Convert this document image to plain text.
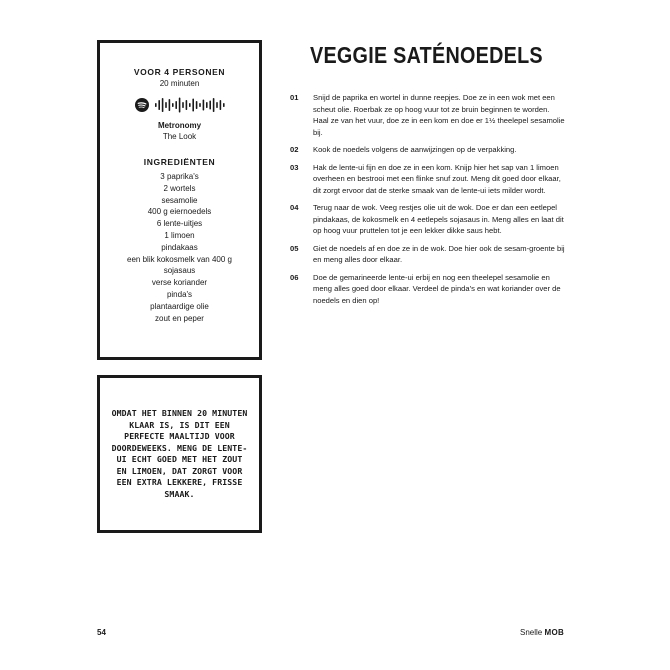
VOOR 4 PERSONEN
20 minuten
Metronomy
The Look
INGREDIËNTEN
3 paprika's
2 wortels
sesamolie
400 g eiernoedels
6 lente-uitjes
1 limoen
pindakaas
een blik kokosmelk van 400 g
sojasaus
verse koriander
pinda's
plantaardige olie
zout en peper
OMDAT HET BINNEN 20 MINUTEN KLAAR IS, IS DIT EEN PERFECTE MAALTIJD VOOR DOORDEWEEKS. MENG DE LENTE-UI ECHT GOED MET HET ZOUT EN LIMOEN, DAT ZORGT VOOR EEN EXTRA LEKKERE, FRISSE SMAAK.
VEGGIE SATÉNOEDELS
01	Snijd de paprika en wortel in dunne reepjes. Doe ze in een wok met een scheut olie. Roerbak ze op hoog vuur tot ze bruin beginnen te worden. Haal ze van het vuur, doe ze in een kom en doe er 1½ theelepel sesamolie bij.
02	Kook de noedels volgens de aanwijzingen op de verpakking.
03	Hak de lente-ui fijn en doe ze in een kom. Knijp hier het sap van 1 limoen overheen en bestrooi met een flinke snuf zout. Meng dit goed door elkaar, dit zorgt ervoor dat de sterke smaak van de lente-ui iets milder wordt.
04	Terug naar de wok. Veeg restjes olie uit de wok. Doe er dan een eetlepel pindakaas, de kokosmelk en 4 eetlepels sojasaus in. Meng alles en laat dit op hoog vuur pruttelen tot je een lekker dikke saus hebt.
05	Giet de noedels af en doe ze in de wok. Doe hier ook de sesam-groente bij en meng alles door elkaar.
06	Doe de gemarineerde lente-ui erbij en nog een theelepel sesamolie en meng alles goed door elkaar. Verdeel de pinda's en wat koriander over de noedels en dien op!
54	Snelle MOB
